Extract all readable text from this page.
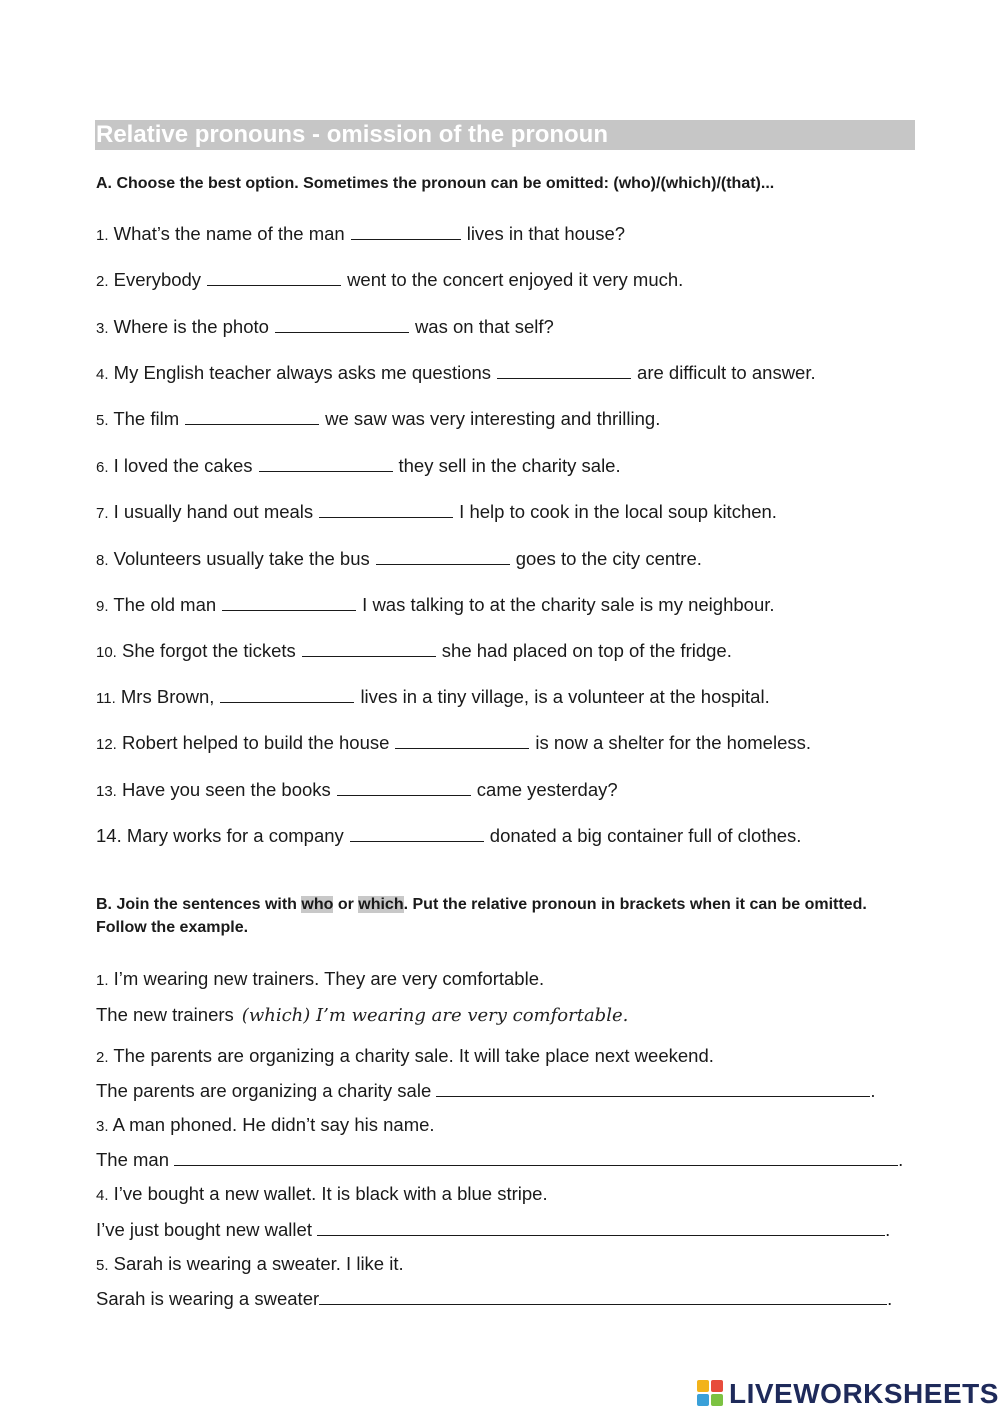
Relative pronouns - omission of the pronoun
A. Choose the best option. Sometimes the pronoun can be omitted: (who)/(which)/(that)...
1. What’s the name of the man	lives in that house?
2. Everybody	went to the concert enjoyed it very much.
3. Where is the photo	was on that self?
4. My English teacher always asks me questions	are difficult to answer.
5. The film	we saw was very interesting and thrilling.
6. I loved the cakes	they sell in the charity sale.
7. I usually hand out meals	I help to cook in the local soup kitchen.
8. Volunteers usually take the bus	goes to the city centre.
9. The old man	I was talking to at the charity sale is my neighbour.
10. She forgot the tickets	she had placed on top of the fridge.
11. Mrs Brown,	lives in a tiny village, is a volunteer at the hospital.
12. Robert helped to build the house	is now a shelter for the homeless.
13. Have you seen the books	came yesterday?
14. Mary works for a company	donated a big container full of clothes.
B. Join the sentences with who or which. Put the relative pronoun in brackets when it can be omitted. Follow the example.
1. I’m wearing new trainers. They are very comfortable.
The new trainers (which) I’m wearing are very comfortable.
2. The parents are organizing a charity sale. It will take place next weekend.
The parents are organizing a charity sale	.
3. A man phoned. He didn’t say his name.
The man	.
4. I’ve bought a new wallet. It is black with a blue stripe.
I’ve just bought new wallet	.
5. Sarah is wearing a sweater. I like it.
Sarah is wearing a sweater	.
LIVEWORKSHEETS
